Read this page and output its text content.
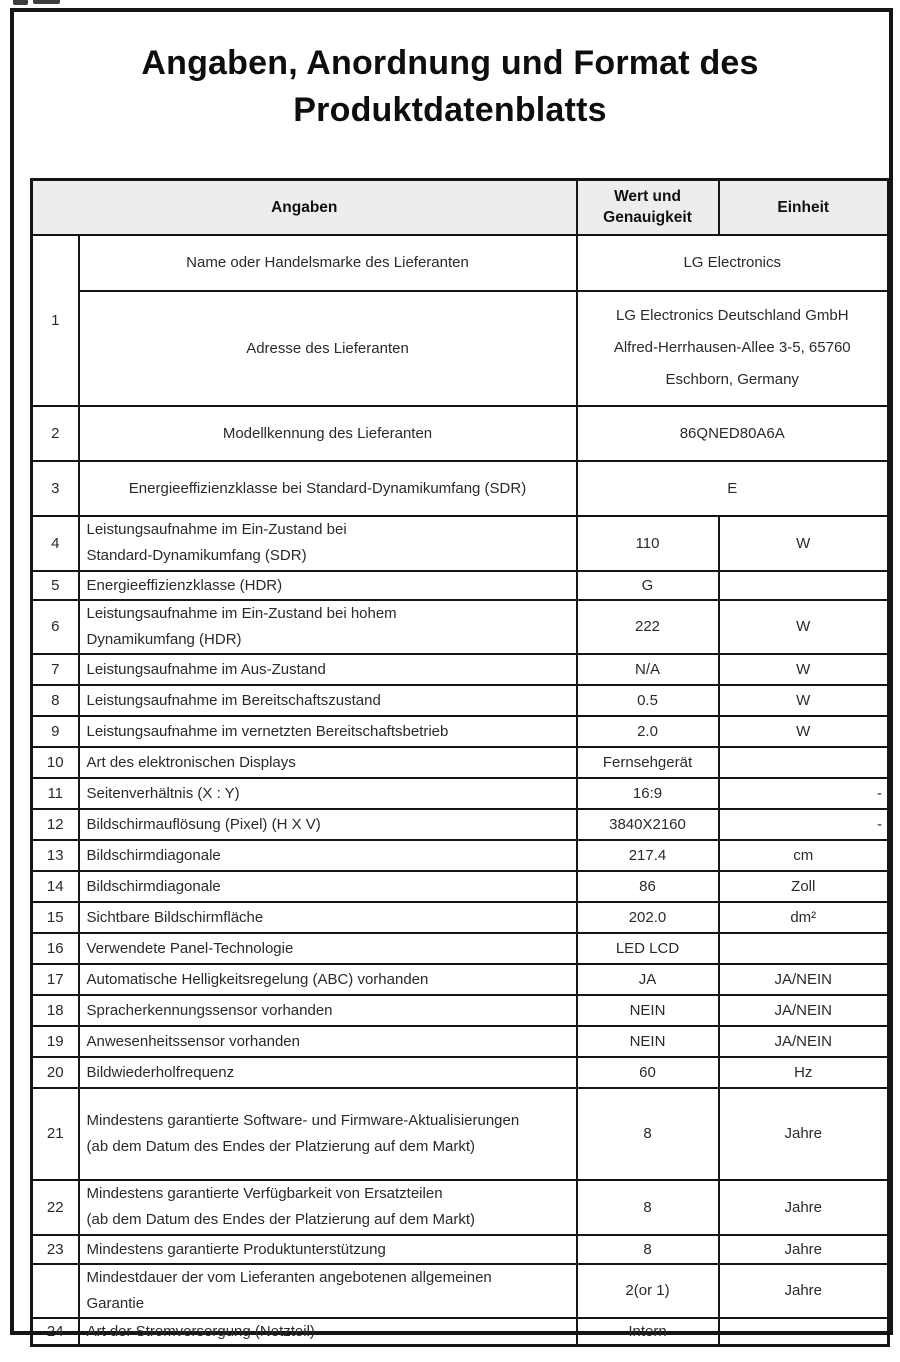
Angaben, Anordnung und Format des
Produktdatenblatts
Angaben		Wert und Genauigkeit	Einheit
1	Name oder Handelsmarke des Lieferanten	LG Electronics	
	Adresse des Lieferanten	LG Electronics Deutschland GmbH
Alfred-Herrhausen-Allee 3-5, 65760
Eschborn, Germany	

2	Modellkennung des Lieferanten	86QNED80A6A	
3	Energieeffizienzklasse bei Standard-Dynamikumfang (SDR)	E	
4	Leistungsaufnahme im Ein-Zustand bei
Standard-Dynamikumfang (SDR)	110	W
5	Energieeffizienzklasse (HDR)	G	
6	Leistungsaufnahme im Ein-Zustand bei hohem
Dynamikumfang (HDR)	222	W
7	Leistungsaufnahme im Aus-Zustand	N/A	W
8	Leistungsaufnahme im Bereitschaftszustand	0.5	W
9	Leistungsaufnahme im vernetzten Bereitschaftsbetrieb	2.0	W
10	Art des elektronischen Displays	Fernsehgerät	
11	Seitenverhältnis (X : Y)	16:9	-
12	Bildschirmauflösung (Pixel) (H X V)	3840X2160	-
13	Bildschirmdiagonale	217.4	cm
14	Bildschirmdiagonale	86	Zoll
15	Sichtbare Bildschirmfläche	202.0	dm²
16	Verwendete Panel-Technologie	LED LCD	
17	Automatische Helligkeitsregelung (ABC) vorhanden	JA	JA/NEIN
18	Spracherkennungssensor vorhanden	NEIN	JA/NEIN
19	Anwesenheitssensor vorhanden	NEIN	JA/NEIN
20	Bildwiederholfrequenz	60	Hz
21	Mindestens garantierte Software- und Firmware-Aktualisierungen
(ab dem Datum des Endes der Platzierung auf dem Markt)	8	Jahre
22	Mindestens garantierte Verfügbarkeit von Ersatzteilen
(ab dem Datum des Endes der Platzierung auf dem Markt)	8	Jahre
23	Mindestens garantierte Produktunterstützung	8	Jahre

	Mindestdauer der vom Lieferanten angebotenen allgemeinen
Garantie	2(or 1)	Jahre
24	Art der Stromversorgung (Netzteil)	Intern	
